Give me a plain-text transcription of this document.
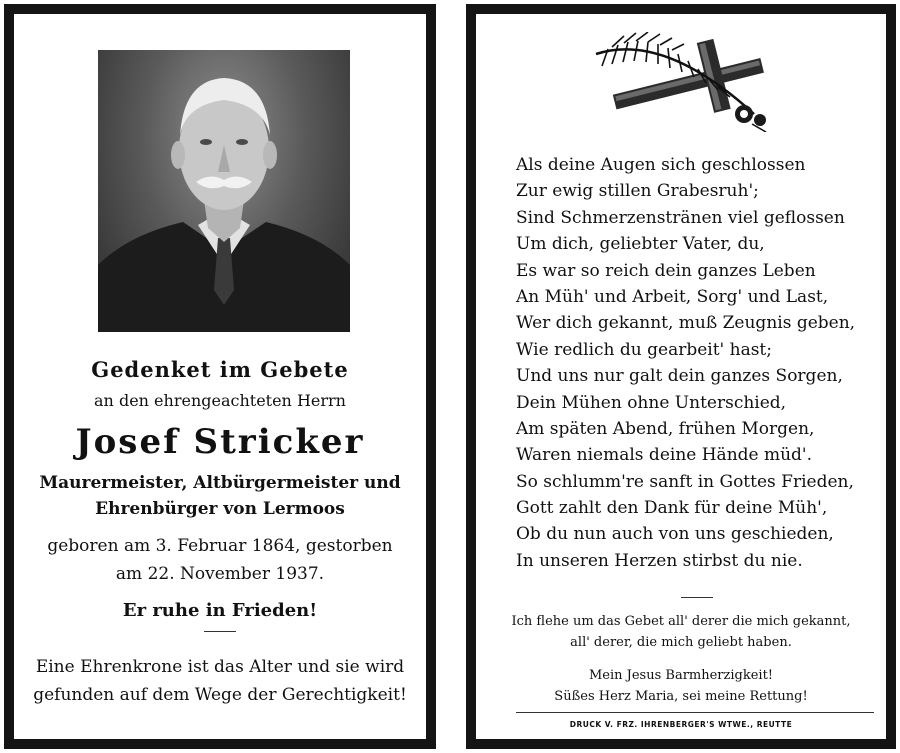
Gedenket im Gebete
an den ehrengeachteten Herrn
Josef Stricker
Maurermeister, Altbürgermeister und
Ehrenbürger von Lermoos
geboren am 3. Februar 1864, gestorben
am 22. November 1937.
Er ruhe in Frieden!
Eine Ehrenkrone ist das Alter und sie wird
gefunden auf dem Wege der Gerechtigkeit!
Als deine Augen sich geschlossen
Zur ewig stillen Grabesruh';
Sind Schmerzenstränen viel geflossen
Um dich, geliebter Vater, du,
Es war so reich dein ganzes Leben
An Müh' und Arbeit, Sorg' und Last,
Wer dich gekannt, muß Zeugnis geben,
Wie redlich du gearbeit' hast;
Und uns nur galt dein ganzes Sorgen,
Dein Mühen ohne Unterschied,
Am späten Abend, frühen Morgen,
Waren niemals deine Hände müd'.
So schlumm're sanft in Gottes Frieden,
Gott zahlt den Dank für deine Müh',
Ob du nun auch von uns geschieden,
In unseren Herzen stirbst du nie.
Ich flehe um das Gebet all' derer die mich gekannt,
all' derer, die mich geliebt haben.
Mein Jesus Barmherzigkeit!
Süßes Herz Maria, sei meine Rettung!
DRUCK V. FRZ. IHRENBERGER'S WTWE., REUTTE
